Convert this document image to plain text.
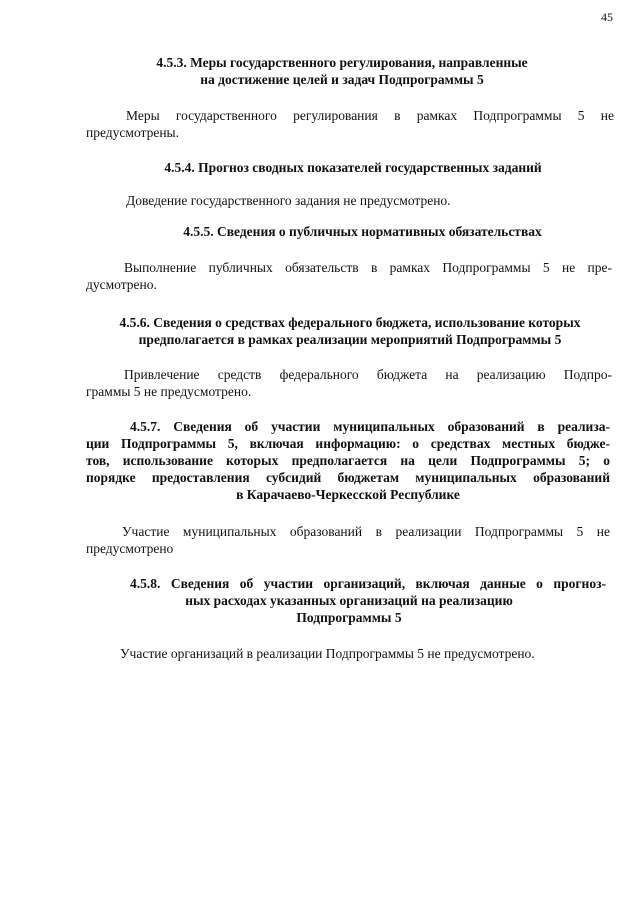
45
4.5.3. Меры государственного регулирования, направленные
на достижение целей и задач Подпрограммы 5
Меры государственного регулирования в рамках Подпрограммы 5 не
предусмотрены.
4.5.4. Прогноз сводных показателей государственных заданий
Доведение государственного задания не предусмотрено.
4.5.5. Сведения о публичных нормативных обязательствах
Выполнение публичных обязательств в рамках Подпрограммы 5 не пре-
дусмотрено.
4.5.6. Сведения о средствах федерального бюджета, использование которых
предполагается в рамках реализации мероприятий Подпрограммы 5
Привлечение средств федерального бюджета на реализацию Подпро-
граммы 5 не предусмотрено.
4.5.7. Сведения об участии муниципальных образований в реализа-
ции Подпрограммы 5, включая информацию: о средствах местных бюдже-
тов, использование которых предполагается на цели Подпрограммы 5; о
порядке предоставления субсидий бюджетам муниципальных образований
в Карачаево-Черкесской Республике
Участие муниципальных образований в реализации Подпрограммы 5 не
предусмотрено
4.5.8. Сведения об участии организаций, включая данные о прогноз-
ных расходах указанных организаций на реализацию
Подпрограммы 5
Участие организаций в реализации Подпрограммы 5 не предусмотрено.
